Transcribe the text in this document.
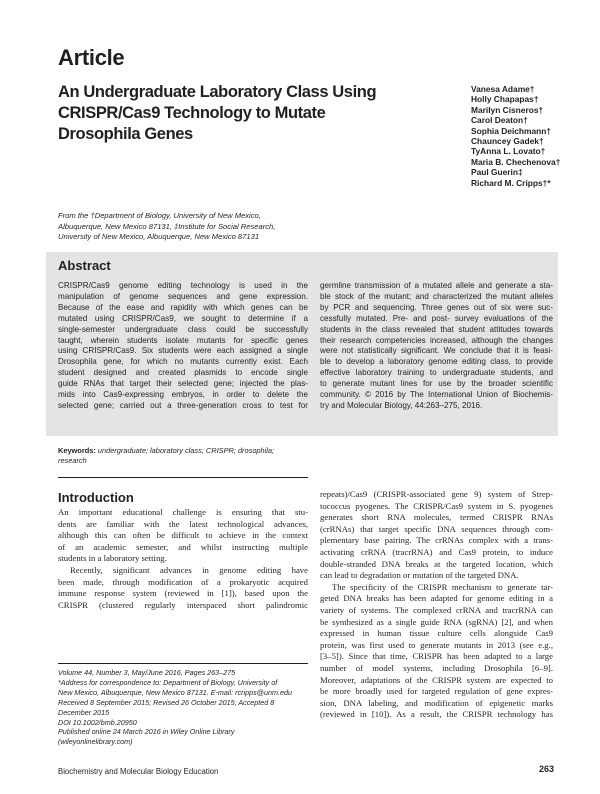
Article
An Undergraduate Laboratory Class Using
CRISPR/Cas9 Technology to Mutate
Drosophila Genes
Vanesa Adame†
Holly Chapapas†
Marilyn Cisneros†
Carol Deaton†
Sophia Deichmann†
Chauncey Gadek†
TyAnna L. Lovato†
Maria B. Chechenova†
Paul Guerin‡
Richard M. Cripps†*
From the †Department of Biology, University of New Mexico,
Albuquerque, New Mexico 87131, ‡Institute for Social Research,
University of New Mexico, Albuquerque, New Mexico 87131
Abstract
CRISPR/Cas9 genome editing technology is used in the
manipulation of genome sequences and gene expression.
Because of the ease and rapidity with which genes can be
mutated using CRISPR/Cas9, we sought to determine if a
single-semester undergraduate class could be successfully
taught, wherein students isolate mutants for specific genes
using CRISPR/Cas9. Six students were each assigned a single
Drosophila gene, for which no mutants currently exist. Each
student designed and created plasmids to encode single
guide RNAs that target their selected gene; injected the plas-
mids into Cas9-expressing embryos, in order to delete the
selected gene; carried out a three-generation cross to test for
germline transmission of a mutated allele and generate a sta-
ble stock of the mutant; and characterized the mutant alleles
by PCR and sequencing. Three genes out of six were suc-
cessfully mutated. Pre- and post- survey evaluations of the
students in the class revealed that student attitudes towards
their research competencies increased, although the changes
were not statistically significant. We conclude that it is feasi-
ble to develop a laboratory genome editing class, to provide
effective laboratory training to undergraduate students, and
to generate mutant lines for use by the broader scientific
community. © 2016 by The International Union of Biochemis-
try and Molecular Biology, 44:263–275, 2016.
Keywords: undergraduate; laboratory class; CRISPR; drosophila;
research
Introduction
An important educational challenge is ensuring that stu-
dents are familiar with the latest technological advances,
although this can often be difficult to achieve in the context
of an academic semester, and whilst instructing multiple
students in a laboratory setting.
Recently, significant advances in genome editing have
been made, through modification of a prokaryotic acquired
immune response system (reviewed in [1]), based upon the
CRISPR (clustered regularly interspaced short palindromic
repeats)/Cas9 (CRISPR-associated gene 9) system of Strep-
tococcus pyogenes. The CRISPR/Cas9 system in S. pyogenes
generates short RNA molecules, termed CRISPR RNAs
(crRNAs) that target specific DNA sequences through com-
plementary base pairing. The crRNAs complex with a trans-
activating crRNA (tracrRNA) and Cas9 protein, to induce
double-stranded DNA breaks at the targeted location, which
can lead to degradation or mutation of the targeted DNA.
The specificity of the CRISPR mechanism to generate tar-
geted DNA breaks has been adapted for genome editing in a
variety of systems. The complexed crRNA and tracrRNA can
be synthesized as a single guide RNA (sgRNA) [2], and when
expressed in human tissue culture cells alongside Cas9
protein, was first used to generate mutants in 2013 (see e.g.,
[3–5]). Since that time, CRISPR has been adapted to a large
number of model systems, including Drosophila [6–9].
Moreover, adaptations of the CRISPR system are expected to
be more broadly used for targeted regulation of gene expres-
sion, DNA labeling, and modification of epigenetic marks
(reviewed in [10]). As a result, the CRISPR technology has
Volume 44, Number 3, May/June 2016, Pages 263–275
*Address for correspondence to: Department of Biology, University of
New Mexico, Albuquerque, New Mexico 87131. E-mail: rcripps@unm.edu
Received 8 September 2015; Revised 26 October 2015; Accepted 8
December 2015
DOI 10.1002/bmb.20950
Published online 24 March 2016 in Wiley Online Library
(wileyonlinelibrary.com)
Biochemistry and Molecular Biology Education	263
